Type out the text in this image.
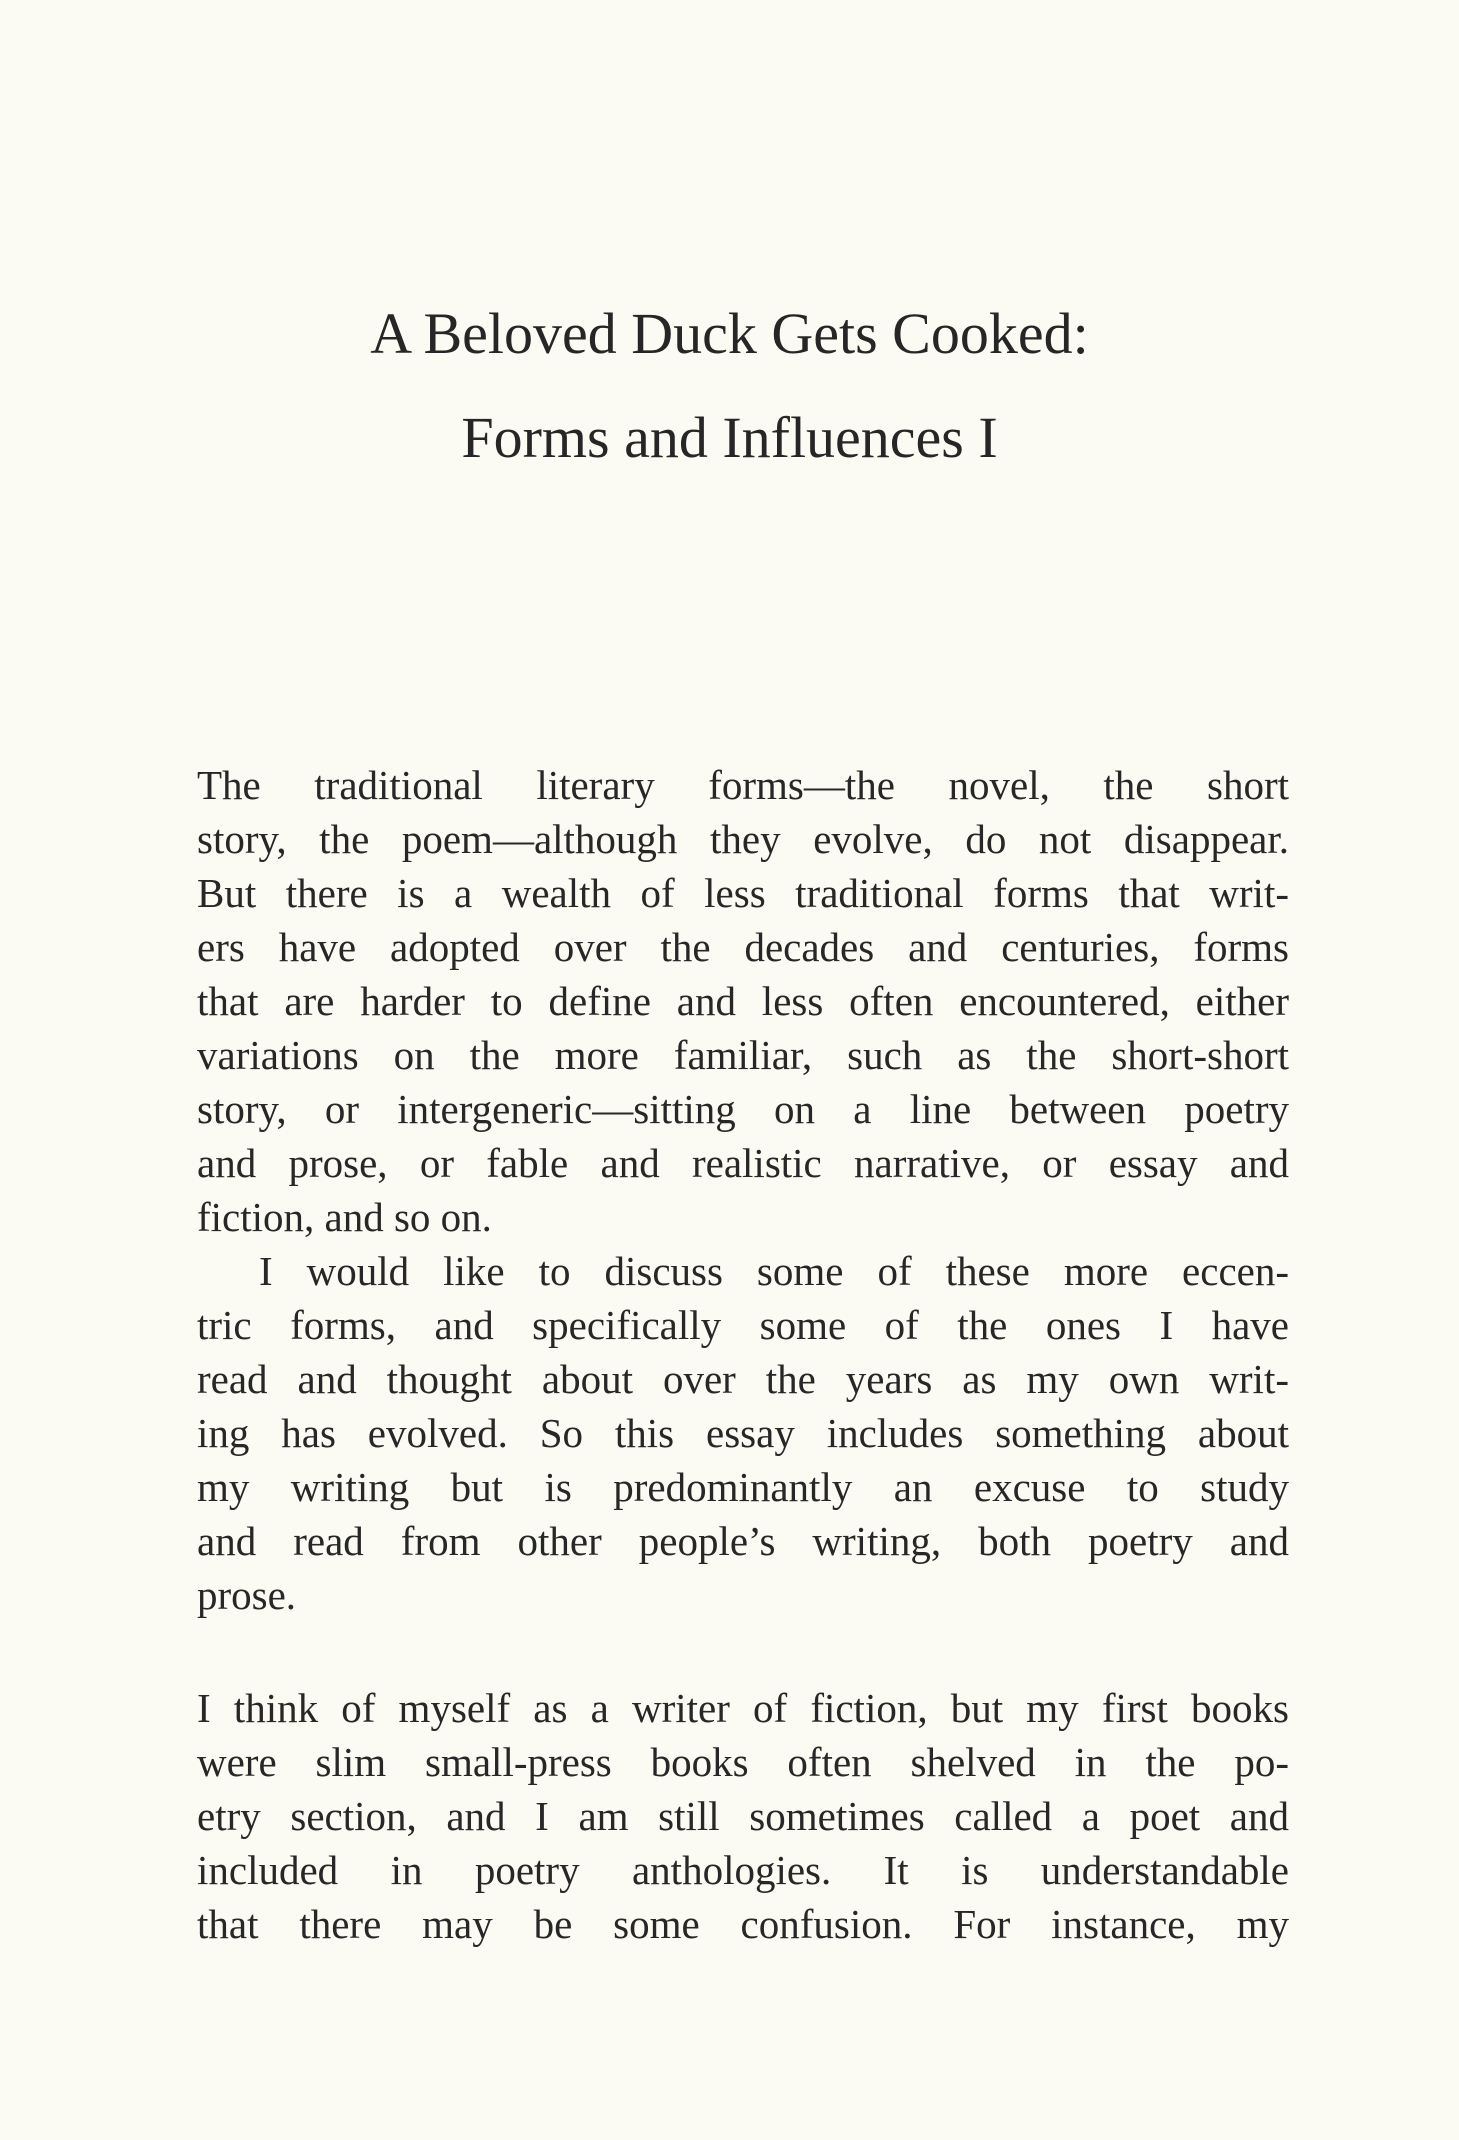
A Beloved Duck Gets Cooked:
Forms and Influences I
The traditional literary forms—the novel, the short
story, the poem—although they evolve, do not disappear.
But there is a wealth of less traditional forms that writ-
ers have adopted over the decades and centuries, forms
that are harder to define and less often encountered, either
variations on the more familiar, such as the short-short
story, or intergeneric—sitting on a line between poetry
and prose, or fable and realistic narrative, or essay and
fiction, and so on.
I would like to discuss some of these more eccen-
tric forms, and specifically some of the ones I have
read and thought about over the years as my own writ-
ing has evolved. So this essay includes something about
my writing but is predominantly an excuse to study
and read from other people’s writing, both poetry and
prose.
I think of myself as a writer of fiction, but my first books
were slim small-press books often shelved in the po-
etry section, and I am still sometimes called a poet and
included in poetry anthologies. It is understandable
that there may be some confusion. For instance, my
